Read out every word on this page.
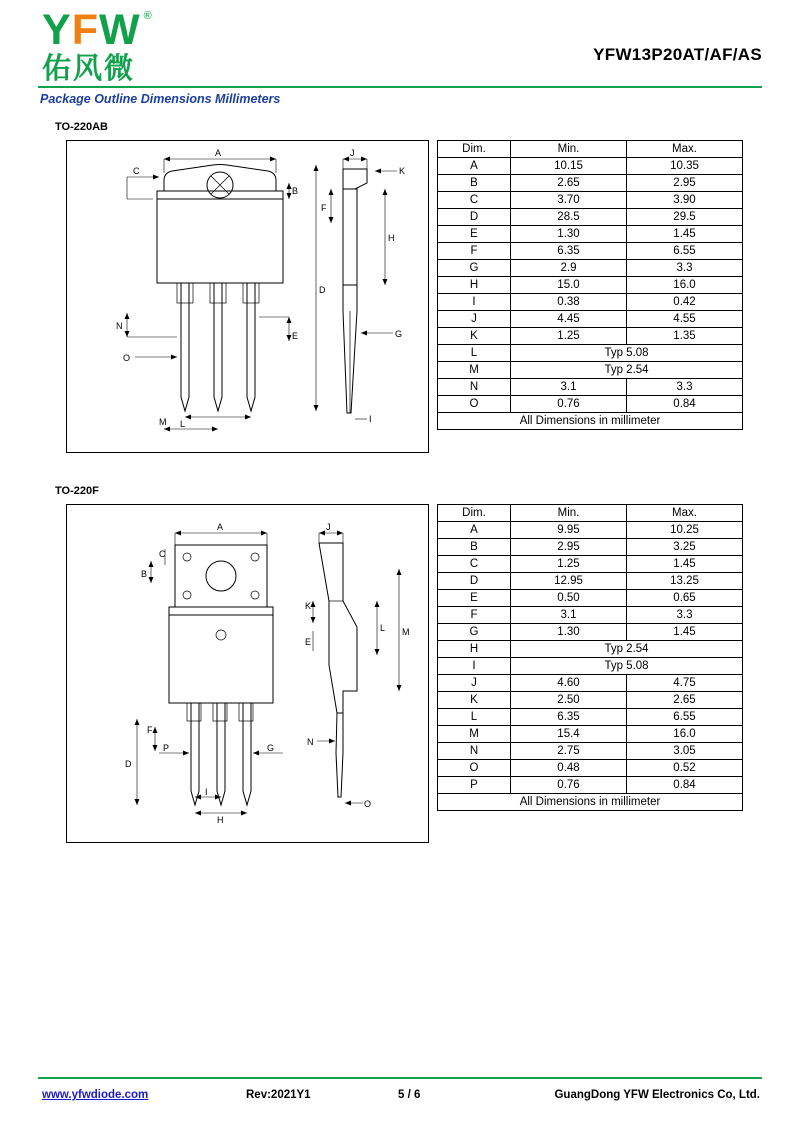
Y F W ®
佑风微	YFW13P20AT/AF/AS
Package Outline Dimensions Millimeters
TO-220AB
A
C
B
D
N
E
O
M L
J
K
F
H
G
I
Dim.	Min.	Max.
A	10.15	10.35
B	2.65	2.95
C	3.70	3.90
D	28.5	29.5
E	1.30	1.45
F	6.35	6.55
G	2.9	3.3
H	15.0	16.0
I	0.38	0.42
J	4.45	4.55
K	1.25	1.35
L	Typ 5.08	
M	Typ 2.54	
N	3.1	3.3
O	0.76	0.84
All Dimensions in millimeter		
TO-220F
A
C
B
D
F
P	G
I
H
J
K
E
L M
N
O
Dim.	Min.	Max.
A	9.95	10.25
B	2.95	3.25
C	1.25	1.45
D	12.95	13.25
E	0.50	0.65
F	3.1	3.3
G	1.30	1.45
H	Typ 2.54	
I	Typ 5.08	
J	4.60	4.75
K	2.50	2.65
L	6.35	6.55
M	15.4	16.0
N	2.75	3.05
O	0.48	0.52
P	0.76	0.84
All Dimensions in millimeter		
www.yfwdiode.com	Rev:2021Y1	5 / 6	GuangDong YFW Electronics Co, Ltd.
